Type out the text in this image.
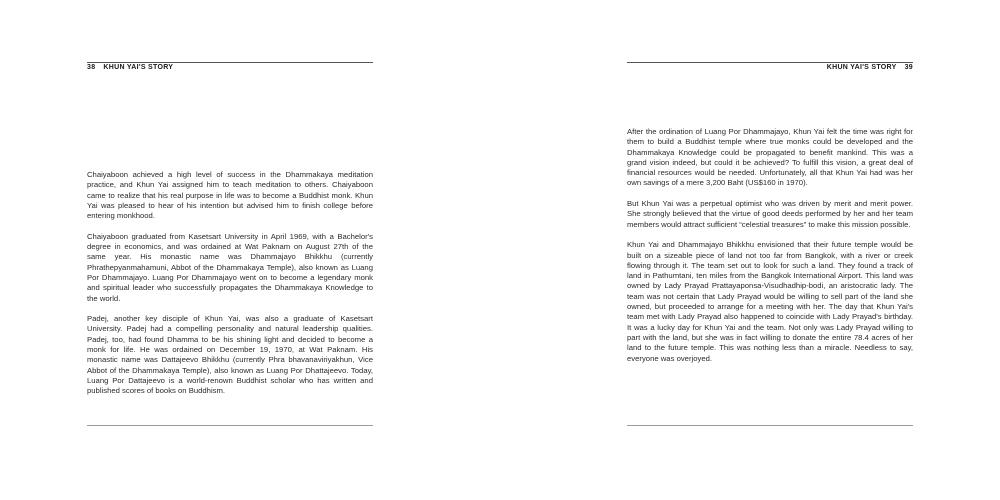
38 KHUN YAI'S STORY

Chaiyaboon achieved a high level of success in the Dhammakaya meditation practice, and Khun Yai assigned him to teach meditation to others. Chaiyaboon came to realize that his real purpose in life was to become a Buddhist monk. Khun Yai was pleased to hear of his intention but advised him to finish college before entering monkhood.

Chaiyaboon graduated from Kasetsart University in April 1969, with a Bachelor's degree in economics, and was ordained at Wat Paknam on August 27th of the same year. His monastic name was Dhammajayo Bhikkhu (currently Phrathepyanmahamuni, Abbot of the Dhammakaya Temple), also known as Luang Por Dhammajayo. Luang Por Dhammajayo went on to become a legendary monk and spiritual leader who successfully propagates the Dhammakaya Knowledge to the world.

Padej, another key disciple of Khun Yai, was also a graduate of Kasetsart University. Padej had a compelling personality and natural leadership qualities. Padej, too, had found Dhamma to be his shining light and decided to become a monk for life. He was ordained on December 19, 1970, at Wat Paknam. His monastic name was Dattajeevo Bhikkhu (currently Phra bhavanaviriyakhun, Vice Abbot of the Dhammakaya Temple), also known as Luang Por Dhattajeevo. Today, Luang Por Dattajeevo is a world-renown Buddhist scholar who has written and published scores of books on Buddhism.

KHUN YAI'S STORY 39

After the ordination of Luang Por Dhammajayo, Khun Yai felt the time was right for them to build a Buddhist temple where true monks could be developed and the Dhammakaya Knowledge could be propagated to benefit mankind. This was a grand vision indeed, but could it be achieved? To fulfill this vision, a great deal of financial resources would be needed. Unfortunately, all that Khun Yai had was her own savings of a mere 3,200 Baht (US$160 in 1970).

But Khun Yai was a perpetual optimist who was driven by merit and merit power. She strongly believed that the virtue of good deeds performed by her and her team members would attract sufficient “celestial treasures” to make this mission possible.

Khun Yai and Dhammajayo Bhikkhu envisioned that their future temple would be built on a sizeable piece of land not too far from Bangkok, with a river or creek flowing through it. The team set out to look for such a land. They found a track of land in Pathumtani, ten miles from the Bangkok International Airport. This land was owned by Lady Prayad Prattayaponsa-Visudhadhip-bodi, an aristocratic lady. The team was not certain that Lady Prayad would be willing to sell part of the land she owned, but proceeded to arrange for a meeting with her. The day that Khun Yai's team met with Lady Prayad also happened to coincide with Lady Prayad's birthday. It was a lucky day for Khun Yai and the team. Not only was Lady Prayad willing to part with the land, but she was in fact willing to donate the entire 78.4 acres of her land to the future temple. This was nothing less than a miracle. Needless to say, everyone was overjoyed.
